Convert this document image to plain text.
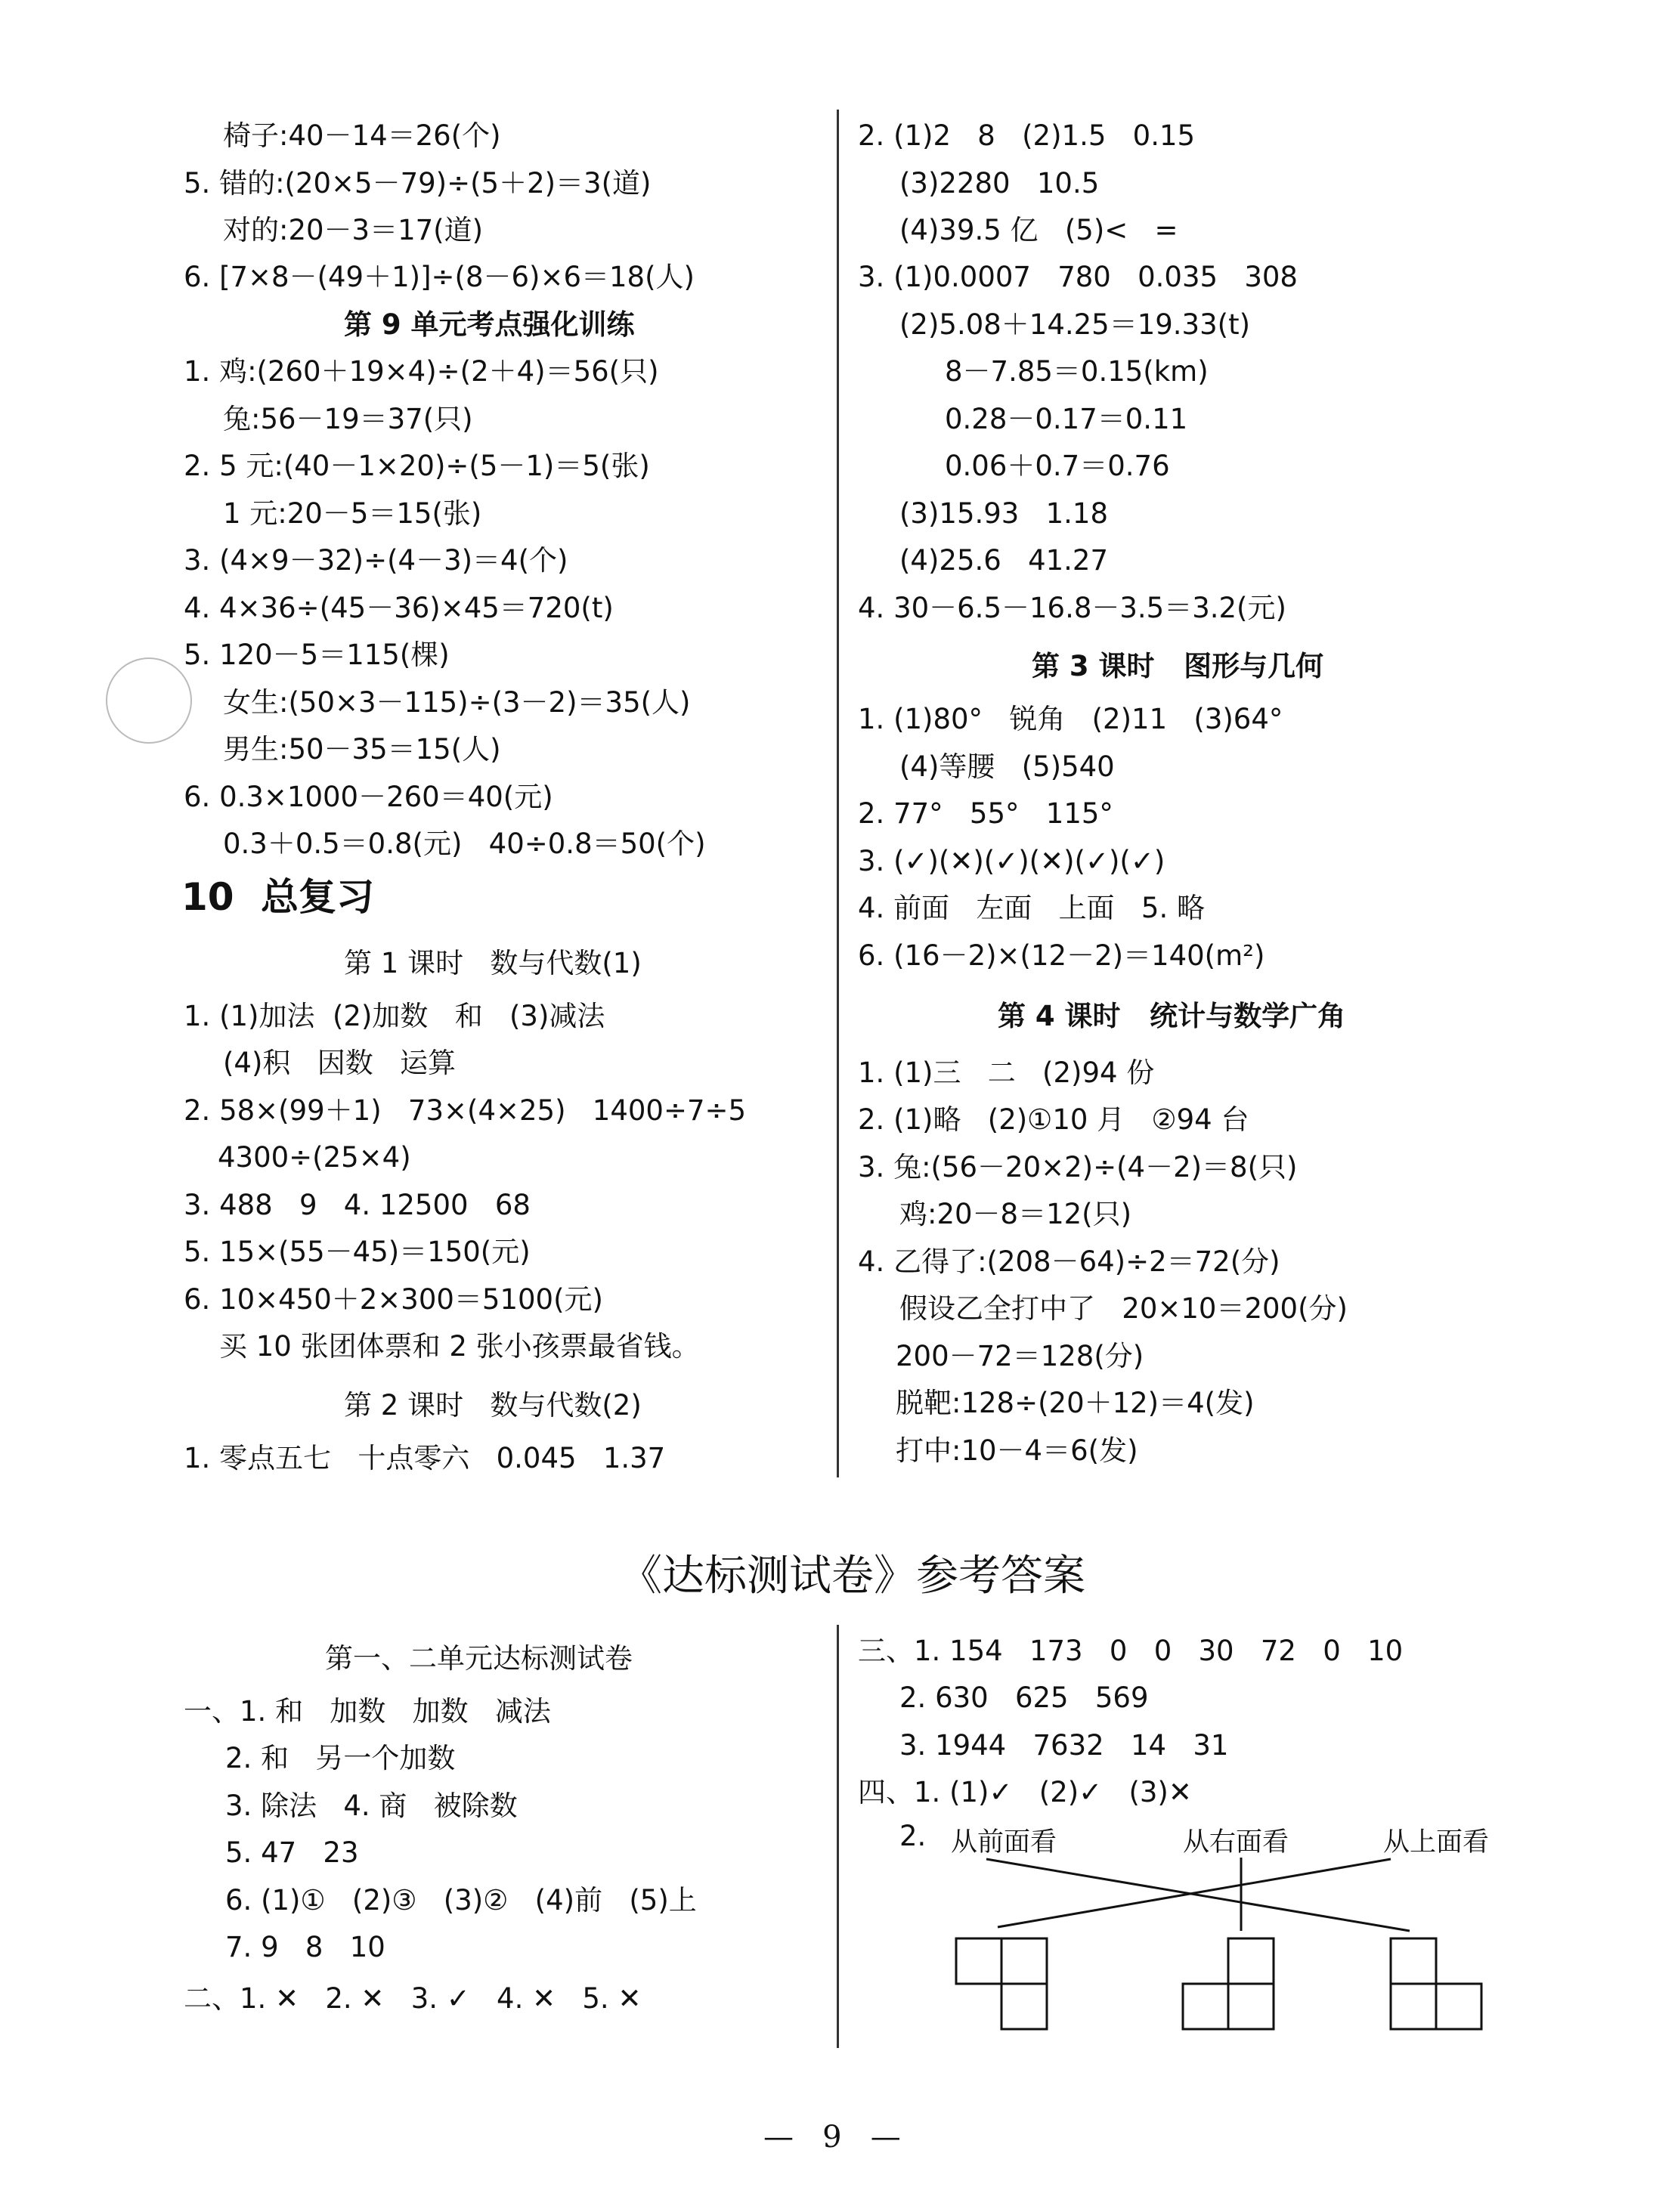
椅子:40－14＝26(个)
5. 错的:(20×5－79)÷(5＋2)＝3(道)
对的:20－3＝17(道)
6. [7×8－(49＋1)]÷(8－6)×6＝18(人)
第 9 单元考点强化训练
1. 鸡:(260＋19×4)÷(2＋4)＝56(只)
兔:56－19＝37(只)
2. 5 元:(40－1×20)÷(5－1)＝5(张)
1 元:20－5＝15(张)
3. (4×9－32)÷(4－3)＝4(个)
4. 4×36÷(45－36)×45＝720(t)
5. 120－5＝115(棵)
女生:(50×3－115)÷(3－2)＝35(人)
男生:50－35＝15(人)
6. 0.3×1000－260＝40(元)
0.3＋0.5＝0.8(元)   40÷0.8＝50(个)
10 总复习
第 1 课时   数与代数(1)
1. (1)加法  (2)加数   和   (3)减法
(4)积   因数   运算
2. 58×(99＋1)   73×(4×25)   1400÷7÷5
4300÷(25×4)
3. 488   9   4. 12500   68
5. 15×(55－45)＝150(元)
6. 10×450＋2×300＝5100(元)
买 10 张团体票和 2 张小孩票最省钱。
第 2 课时   数与代数(2)
1. 零点五七   十点零六   0.045   1.37
2. (1)2   8   (2)1.5   0.15
(3)2280   10.5
(4)39.5 亿   (5)<   =
3. (1)0.0007   780   0.035   308
(2)5.08＋14.25＝19.33(t)
8－7.85＝0.15(km)
0.28－0.17＝0.11
0.06＋0.7＝0.76
(3)15.93   1.18
(4)25.6   41.27
4. 30－6.5－16.8－3.5＝3.2(元)
第 3 课时   图形与几何
1. (1)80°   锐角   (2)11   (3)64°
(4)等腰   (5)540
2. 77°   55°   115°
3. (✓)(✕)(✓)(✕)(✓)(✓)
4. 前面   左面   上面   5. 略
6. (16－2)×(12－2)＝140(m²)
第 4 课时   统计与数学广角
1. (1)三   二   (2)94 份
2. (1)略   (2)①10 月   ②94 台
3. 兔:(56－20×2)÷(4－2)＝8(只)
鸡:20－8＝12(只)
4. 乙得了:(208－64)÷2＝72(分)
假设乙全打中了   20×10＝200(分)
200－72＝128(分)
脱靶:128÷(20＋12)＝4(发)
打中:10－4＝6(发)
《达标测试卷》参考答案
第一、二单元达标测试卷
一、1. 和   加数   加数   减法
2. 和   另一个加数
3. 除法   4. 商   被除数
5. 47   23
6. (1)①   (2)③   (3)②   (4)前   (5)上
7. 9   8   10
二、1. ✕   2. ✕   3. ✓   4. ✕   5. ✕
三、1. 154   173   0   0   30   72   0   10
2. 630   625   569
3. 1944   7632   14   31
四、1. (1)✓   (2)✓   (3)✕
2. 从前面看	从右面看	从上面看
—   9   —
